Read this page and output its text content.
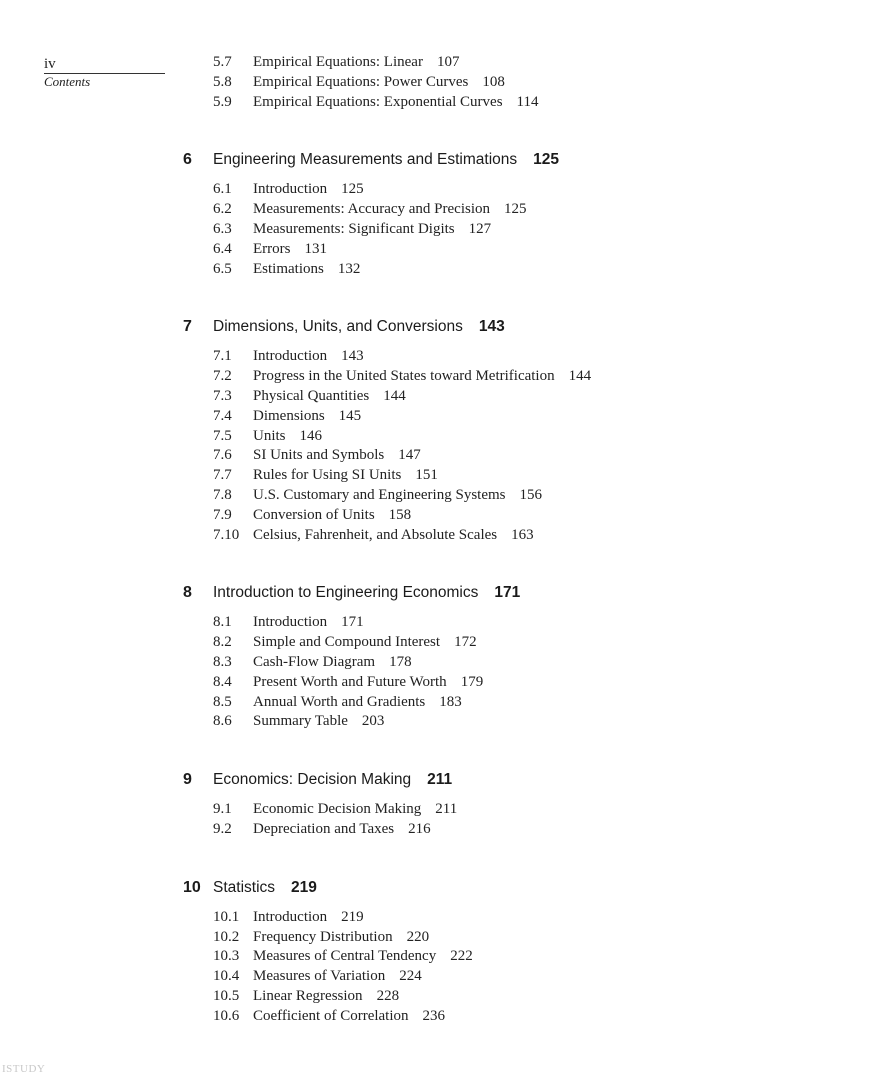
iv
Contents
5.7	Empirical Equations: Linear 107
5.8	Empirical Equations: Power Curves 108
5.9	Empirical Equations: Exponential Curves 114
6	Engineering Measurements and Estimations 125
6.1	Introduction 125
6.2	Measurements: Accuracy and Precision 125
6.3	Measurements: Significant Digits 127
6.4	Errors 131
6.5	Estimations 132
7	Dimensions, Units, and Conversions 143
7.1	Introduction 143
7.2	Progress in the United States toward Metrification 144
7.3	Physical Quantities 144
7.4	Dimensions 145
7.5	Units 146
7.6	SI Units and Symbols 147
7.7	Rules for Using SI Units 151
7.8	U.S. Customary and Engineering Systems 156
7.9	Conversion of Units 158
7.10 Celsius, Fahrenheit, and Absolute Scales 163
8	Introduction to Engineering Economics 171
8.1	Introduction 171
8.2	Simple and Compound Interest 172
8.3	Cash-Flow Diagram 178
8.4	Present Worth and Future Worth 179
8.5	Annual Worth and Gradients 183
8.6	Summary Table 203
9	Economics: Decision Making 211
9.1	Economic Decision Making 211
9.2	Depreciation and Taxes 216
10 Statistics 219
10.1 Introduction 219
10.2 Frequency Distribution 220
10.3 Measures of Central Tendency 222
10.4 Measures of Variation 224
10.5 Linear Regression 228
10.6 Coefficient of Correlation 236
ISTUDY
